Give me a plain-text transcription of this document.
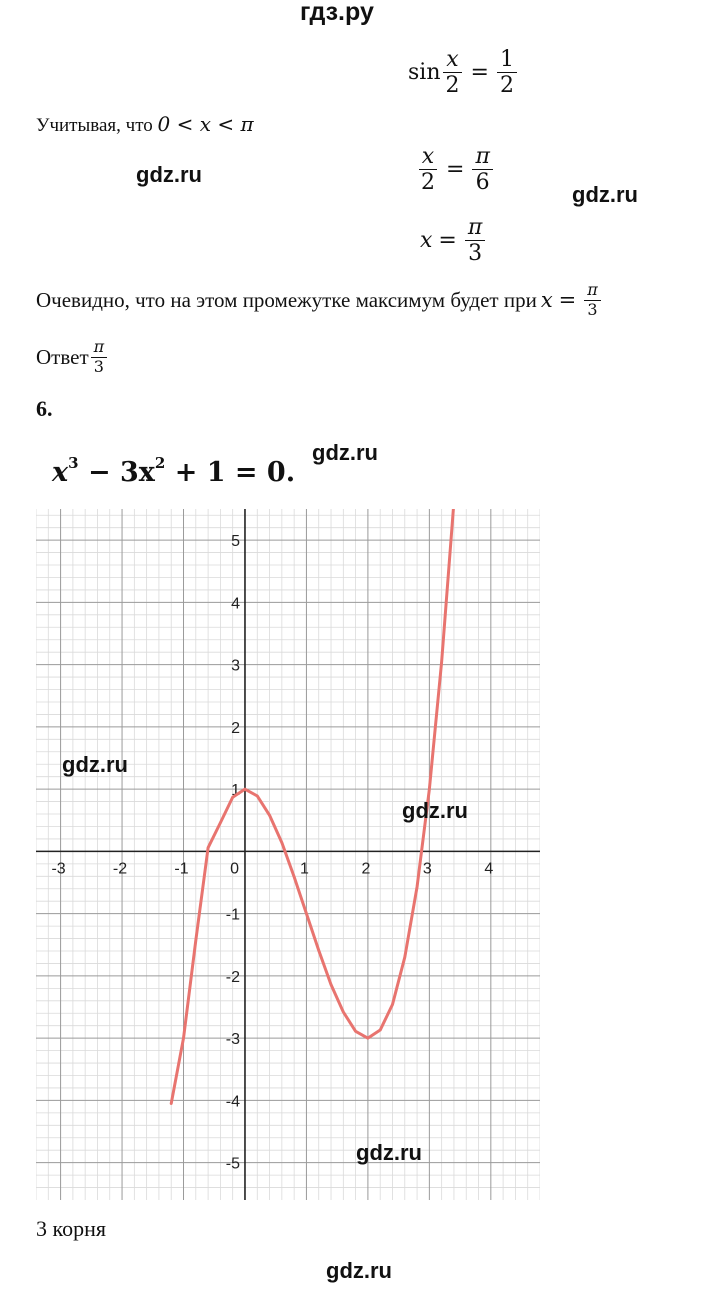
гдз.ру
$\sin \frac{x}{2} = \frac{1}{2}$
Учитывая, что 0 < x < π
$\frac{x}{2} = \frac{\pi}{6}$
$x = \frac{\pi}{3}$
Очевидно, что на этом промежутке максимум будет при $x = \frac{\pi}{3}$
Ответ $\frac{\pi}{3}$
6.
$x^3 - 3x^2 + 1 = 0$.
-3	-2	-1	1	2	3	4
5
4
3
2
1
-1
-2
-3
-4
-5
0
gdz.ru
gdz.ru
gdz.ru
gdz.ru
gdz.ru
gdz.ru
gdz.ru
3 корня
